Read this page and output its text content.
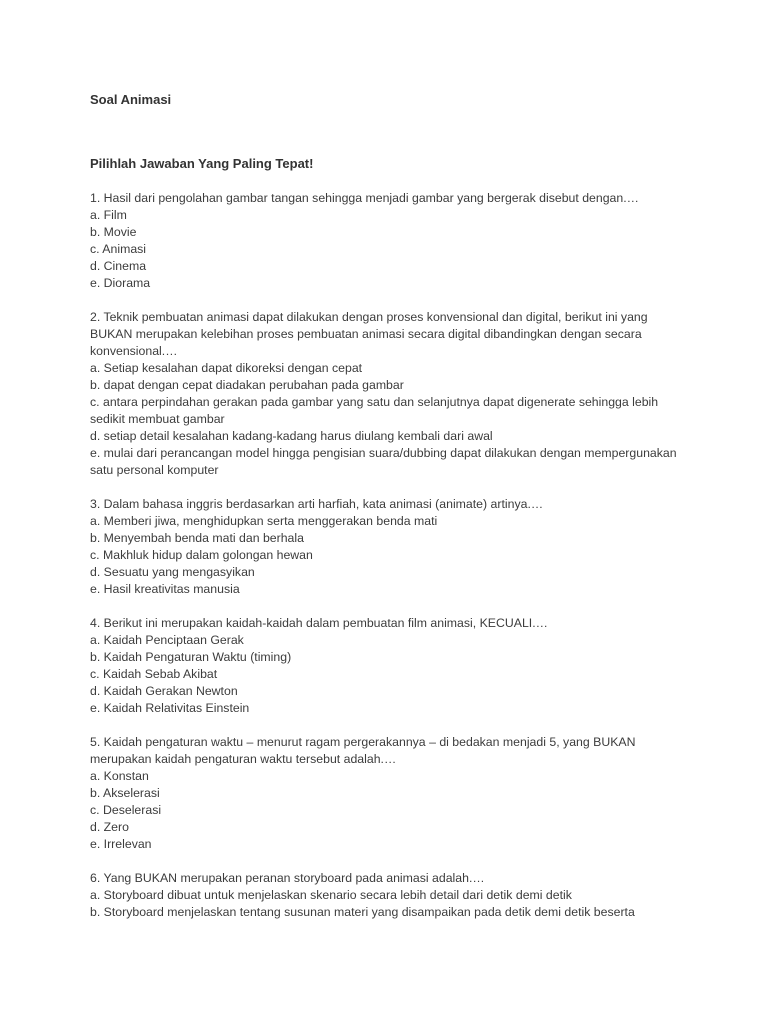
Soal Animasi

Pilihlah Jawaban Yang Paling Tepat!

1. Hasil dari pengolahan gambar tangan sehingga menjadi gambar yang bergerak disebut dengan.…

a. Film
b. Movie
c. Animasi
d. Cinema
e. Diorama

2. Teknik pembuatan animasi dapat dilakukan dengan proses konvensional dan digital, berikut ini yang BUKAN merupakan kelebihan proses pembuatan animasi secara digital dibandingkan dengan secara konvensional.…

a. Setiap kesalahan dapat dikoreksi dengan cepat
b. dapat dengan cepat diadakan perubahan pada gambar
c. antara perpindahan gerakan pada gambar yang satu dan selanjutnya dapat digenerate sehingga lebih sedikit membuat gambar
d. setiap detail kesalahan kadang-kadang harus diulang kembali dari awal
e. mulai dari perancangan model hingga pengisian suara/dubbing dapat dilakukan dengan mempergunakan satu personal komputer

3. Dalam bahasa inggris berdasarkan arti harfiah, kata animasi (animate) artinya.…

a. Memberi jiwa, menghidupkan serta menggerakan benda mati
b. Menyembah benda mati dan berhala
c. Makhluk hidup dalam golongan hewan
d. Sesuatu yang mengasyikan
e. Hasil kreativitas manusia

4. Berikut ini merupakan kaidah-kaidah dalam pembuatan film animasi, KECUALI.…

a. Kaidah Penciptaan Gerak
b. Kaidah Pengaturan Waktu (timing)
c. Kaidah Sebab Akibat
d. Kaidah Gerakan Newton
e. Kaidah Relativitas Einstein

5. Kaidah pengaturan waktu – menurut ragam pergerakannya – di bedakan menjadi 5, yang BUKAN merupakan kaidah pengaturan waktu tersebut adalah.…

a. Konstan
b. Akselerasi
c. Deselerasi
d. Zero
e. Irrelevan

6. Yang BUKAN merupakan peranan storyboard pada animasi adalah.…

a. Storyboard dibuat untuk menjelaskan skenario secara lebih detail dari detik demi detik
b. Storyboard menjelaskan tentang susunan materi yang disampaikan pada detik demi detik beserta
